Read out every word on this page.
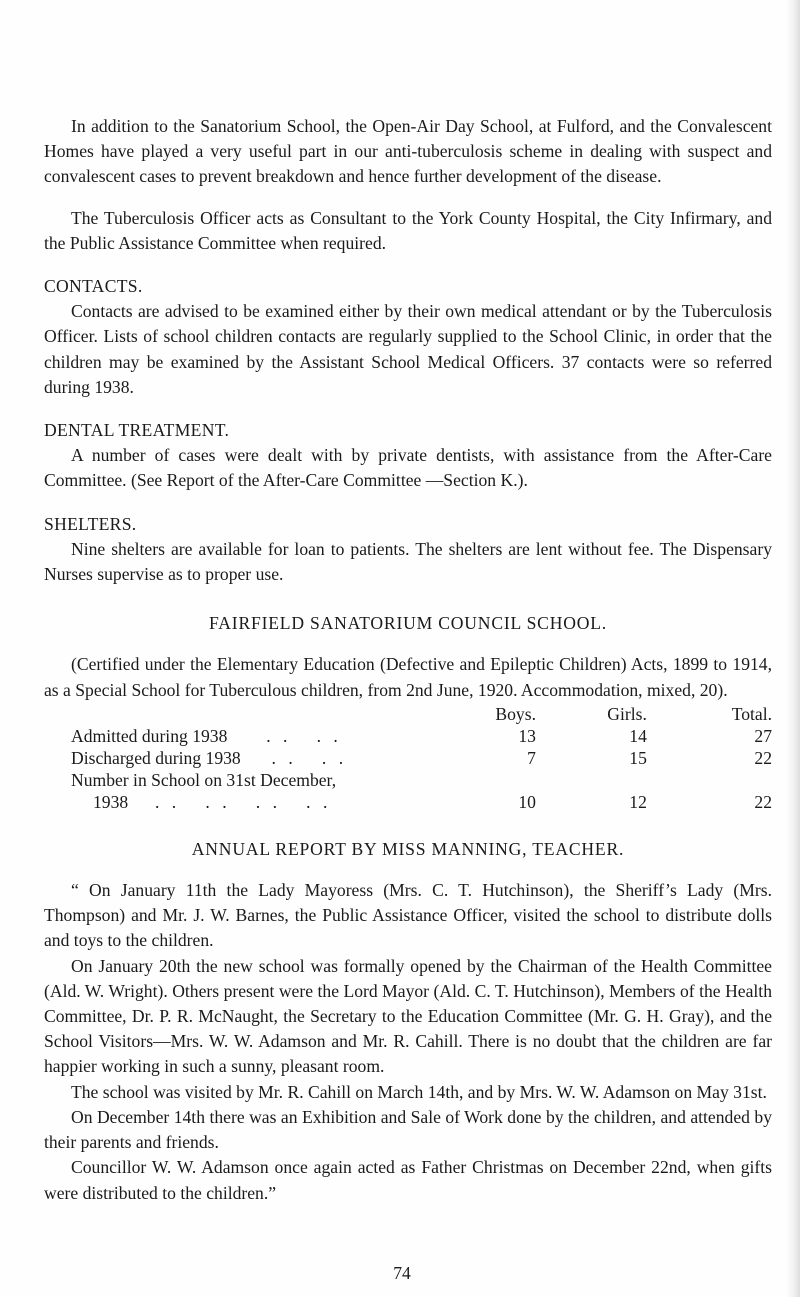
In addition to the Sanatorium School, the Open-Air Day School, at Fulford, and the Convalescent Homes have played a very useful part in our anti-tuberculosis scheme in dealing with suspect and convalescent cases to prevent breakdown and hence further development of the disease.

The Tuberculosis Officer acts as Consultant to the York County Hospital, the City Infirmary, and the Public Assistance Committee when required.

CONTACTS.

Contacts are advised to be examined either by their own medical attendant or by the Tuberculosis Officer. Lists of school children contacts are regularly supplied to the School Clinic, in order that the children may be examined by the Assistant School Medical Officers. 37 contacts were so referred during 1938.

DENTAL TREATMENT.

A number of cases were dealt with by private dentists, with assistance from the After-Care Committee. (See Report of the After-Care Committee —Section K.).

SHELTERS.

Nine shelters are available for loan to patients. The shelters are lent without fee. The Dispensary Nurses supervise as to proper use.

FAIRFIELD SANATORIUM COUNCIL SCHOOL.

(Certified under the Elementary Education (Defective and Epileptic Children) Acts, 1899 to 1914, as a Special School for Tuberculous children, from 2nd June, 1920. Accommodation, mixed, 20).

	Boys.	Girls.	Total.
Admitted during 1938 . .   . .	13	14	27
Discharged during 1938 . .   . .	7	15	22
Number in School on 31st December,			
1938 . .   . .   . .   . .	10	12	22
ANNUAL REPORT BY MISS MANNING, TEACHER.

“ On January 11th the Lady Mayoress (Mrs. C. T. Hutchinson), the Sheriff’s Lady (Mrs. Thompson) and Mr. J. W. Barnes, the Public Assistance Officer, visited the school to distribute dolls and toys to the children.

On January 20th the new school was formally opened by the Chairman of the Health Committee (Ald. W. Wright). Others present were the Lord Mayor (Ald. C. T. Hutchinson), Members of the Health Committee, Dr. P. R. McNaught, the Secretary to the Education Committee (Mr. G. H. Gray), and the School Visitors—Mrs. W. W. Adamson and Mr. R. Cahill. There is no doubt that the children are far happier working in such a sunny, pleasant room.

The school was visited by Mr. R. Cahill on March 14th, and by Mrs. W. W. Adamson on May 31st.

On December 14th there was an Exhibition and Sale of Work done by the children, and attended by their parents and friends.

Councillor W. W. Adamson once again acted as Father Christmas on December 22nd, when gifts were distributed to the children.”

74
